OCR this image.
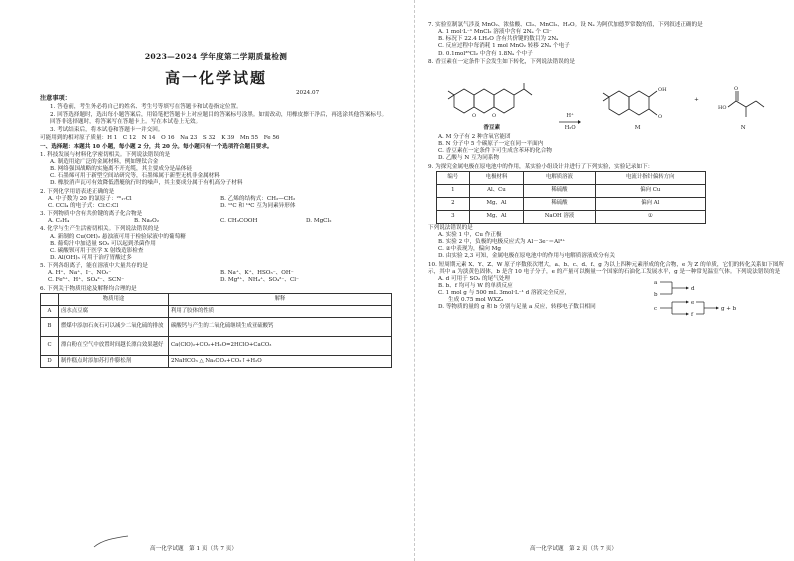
2023—2024 学年度第二学期质量检测
高一化学试题
注意事项：
1. 答卷前，考生务必将自己的姓名、考生号等填写在答题卡和试卷指定位置。
2. 回答选择题时，选出每小题答案后，用铅笔把答题卡上对应题目的答案标号涂黑。如需改动，用橡皮擦干净后，再选涂其他答案标号。回答非选择题时，将答案写在答题卡上。写在本试卷上无效。
3. 考试结束后，将本试卷和答题卡一并交回。
可能用到的相对原子质量：H 1　C 12　N 14　O 16　Na 23　S 32　K 39　Mn 55　Fe 56
一、选择题：本题共 10 小题，每小题 2 分，共 20 分。每小题只有一个选项符合题目要求。
1. 科技发展与材料化学密切相关。下列说法错误的是
A. 制造用途广泛的金属材料，例如锂钛合金
B. 网络强国战略的实施离不开光缆，其主要成分是晶体硅
C. 石墨烯可用于新型空间站研究等，石墨烯属于新型无机非金属材料
D. 橡胶消声瓦可有效降低潜艇航行时的噪声，其主要成分属于有机高分子材料
2. 下列化学用语表述正确的是
A. 中子数为 20 的氯原子：²⁰₁₇Cl	B. 乙烯的结构式：CH₂—CH₂
C. CCl₄ 的电子式：Cl:C:Cl	D. ¹²C 和 ¹⁴C 互为同素异形体
3. 下列物质中含有共价键的离子化合物是
A. C₂H₄	B. Na₂O₂	C. CH₃COOH	D. MgCl₂
4. 化学与生产生活密切相关。下列说法错误的是
A. 新制的 Cu(OH)₂ 悬浊液可用于检验尿液中的葡萄糖
B. 葡萄汁中加适量 SO₂ 可以起到杀菌作用
C. 碳酸钡可用于医学 X 射线造影检查
D. Al(OH)₃ 可用于治疗胃酸过多
5. 下列各组离子，能在溶液中大量共存的是
A. H⁺、Na⁺、I⁻、NO₃⁻	B. Na⁺、K⁺、HSO₃⁻、OH⁻
C. Fe³⁺、H⁺、SO₄²⁻、SCN⁻	D. Mg²⁺、NH₄⁺、SO₄²⁻、Cl⁻
6. 下列关于物质用途及解释均合理的是
	物质用途	解释
A	卤水点豆腐	利用了胶体的性质
B	燃煤中添加石灰石可以减少二氧化硫的排放	碳酸钙与产生的二氧化硫继续生成亚硫酸钙
C	漂白粉在空气中放置时间越长漂白效果越好	Ca(ClO)₂+CO₂+H₂O=2HClO+CaCO₃
D	制作糕点时添加苏打作膨松剂	2NaHCO₃ △ Na₂CO₃+CO₂↑+H₂O
2024.07
高一化学试题　第 1 页（共 7 页）
7. 实验室制氯气涉及 MnO₂、浓盐酸、Cl₂、MnCl₂、H₂O。设 Nₐ 为阿伏加德罗常数的值，下列叙述正确的是
A. 1 mol·L⁻¹ MnCl₂ 溶液中含有 2Nₐ 个 Cl⁻
B. 标况下 22.4 LH₂O 含有共价键的数目为 2Nₐ
C. 反应过程中每消耗 1 mol MnO₂ 转移 2Nₐ 个电子
D. 0.1mol³⁵Cl₂ 中含有 1.8Nₐ 个中子
8. 香豆素在一定条件下会发生如下转化，下列说法错误的是
O	O
香豆素
H⁺
H₂O
OH
O
M
+
HO
O
N
A. M 分子有 2 种含氧官能团
B. N 分子中 5 个碳原子一定在同一平面内
C. 香豆素在一定条件下可生成含苯环的化合物
D. 乙酸与 N 互为同系物
9. 为探究金属电极在原电池中的作用，某实验小组设计并进行了下列实验，实验记录如下：
编号	电极材料	电解质溶液	电流计指针偏转方向
1	Al、Cu	稀硫酸	偏向 Cu
2	Mg、Al	稀硫酸	偏向 Al
3	Mg、Al	NaOH 溶液	①
下列说法错误的是
A. 实验 1 中，Cu 作正极
B. 实验 2 中，负极的电极反应式为 Al－3e⁻＝Al³⁺
C. ②中表现为，偏向 Mg
D. 由实验 2,3 可知，金属电极在原电池中的作用与电解质溶液成分有关
10. 短周期元素 X、Y、Z、W 原子序数依次增大，a、b、c、d、f、g 为以上四种元素形成的化合物，e 为 Z 的单质，它们的转化关系如下图所示，其中 a 为淡黄色固体，b 是含 10 电子分子，e 的产量可以衡量一个国家的石油化工发展水平，g 是一种常见温室气体。下列说法错误的是
A. d 可用于 SO₂ 的尾气处理
B. b、f 均可与 W 的单质反应
C. 1 mol g 与 500 mL 3mol·L⁻¹ d 溶液完全反应，
生成 0.75 mol WXZ₃
D. 等物质的量的 g 和 b 分别与足量 a 反应，转移电子数目相同
a
b
c
d
e
f
g + b
高一化学试题　第 2 页（共 7 页）
